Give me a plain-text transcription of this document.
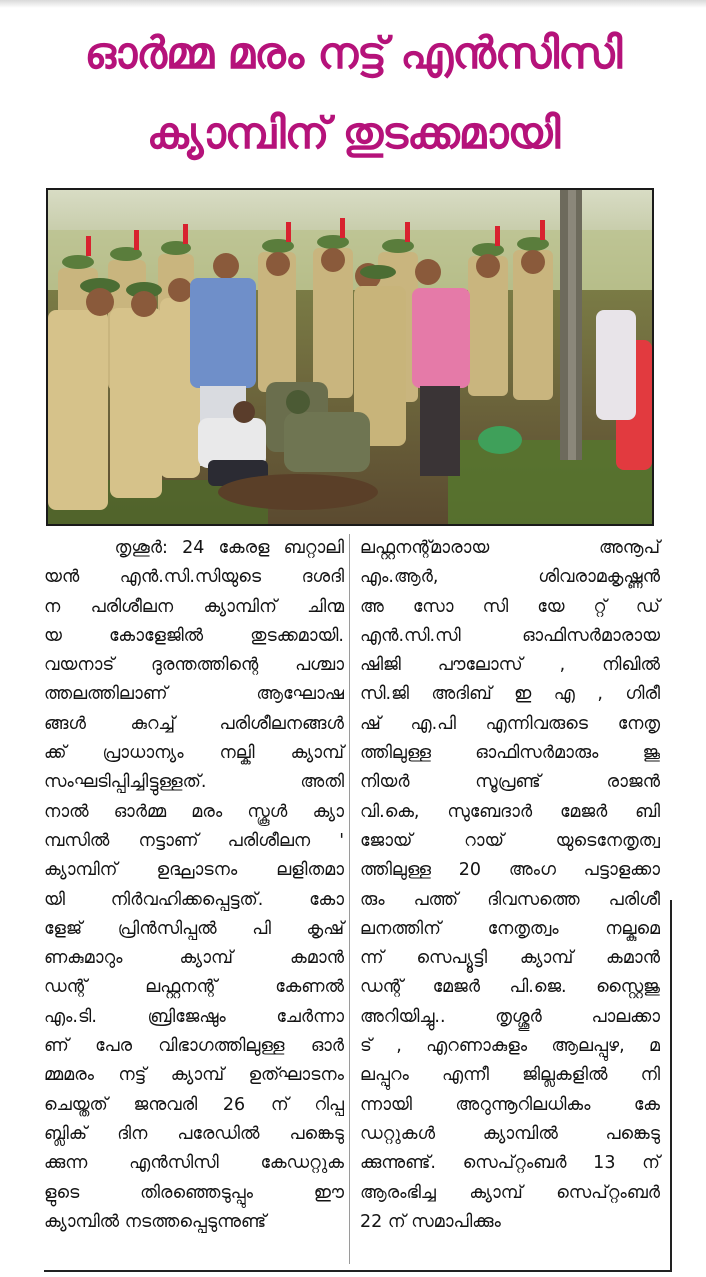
ഓർമ്മ മരം നട്ട് എൻസിസി
ക്യാമ്പിന് തുടക്കമായി
തൃശൂർ: 24 കേരള ബറ്റാലി
യൻ എൻ.സി.സിയുടെ ദശദി
ന പരിശീലന ക്യാമ്പിന് ചിന്മ
യ കോളേജിൽ തുടക്കമായി.
വയനാട് ദുരന്തത്തിന്റെ പശ്ചാ
ത്തലത്തിലാണ് ആഘോഷ
ങ്ങൾ കുറച്ച് പരിശീലനങ്ങൾ
ക്ക് പ്രാധാന്യം നല്കി ക്യാമ്പ്
സംഘടിപ്പിച്ചിട്ടുള്ളത്. അതി
നാൽ ഓർമ്മ മരം സ്കൂൾ ക്യാ
മ്പസിൽ നട്ടാണ് പരിശീലന '
ക്യാമ്പിന് ഉദ്ഘാടനം ലളിതമാ
യി നിർവഹിക്കപ്പെട്ടത്. കോ
ളേജ് പ്രിൻസിപ്പൽ പി കൃഷ്
ണകുമാറും ക്യാമ്പ് കമാൻ
ഡന്റ് ലഫ്റ്റനന്റ് കേണൽ
എം.ടി. ബ്രിജേഷും ചേർന്നാ
ണ് പേര വിഭാഗത്തിലുള്ള ഓർ
മ്മമരം നട്ട് ക്യാമ്പ് ഉത്ഘാടനം
ചെയ്തത് ജനുവരി 26 ന് റിപ്പ
ബ്ലിക് ദിന പരേഡിൽ പങ്കെടു
ക്കുന്ന എൻസിസി കേഡറ്റുക
ളുടെ തിരഞ്ഞെടുപ്പും ഈ
ക്യാമ്പിൽ നടത്തപ്പെടുന്നുണ്ട്
ലഫ്റ്റനന്റ്മാരായ അനൂപ്
എം.ആർ, ശിവരാമകൃഷ്ണൻ
അ സോ സി യേ റ്റ് ഡ്
എൻ.സി.സി ഓഫിസർമാരായ
ഷിജി പൗലോസ് , നിഖിൽ
സി.ജി അദിബ് ഇ എ , ഗിരീ
ഷ് എ.പി എന്നിവരുടെ നേതൃ
ത്തിലുള്ള ഓഫിസർമാരും ജൂ
നിയർ സൂപ്രണ്ട് രാജൻ
വി.കെ, സുബേദാർ മേജർ ബി
ജോയ് റായ് യുടെനേതൃത്വ
ത്തിലുള്ള 20 അംഗ പട്ടാളക്കാ
രും പത്ത് ദിവസത്തെ പരിശീ
ലനത്തിന് നേതൃത്വം നല്കുമെ
ന്ന് സെപ്യൂട്ടി ക്യാമ്പ് കമാൻ
ഡന്റ് മേജർ പി.ജെ. സ്റ്റൈജു
അറിയിച്ചു.. തൃശ്ശൂർ പാലക്കാ
ട് , എറണാകുളം ആലപ്പുഴ, മ
ലപ്പുറം എന്നീ ജില്ലകളിൽ നി
ന്നായി അറുന്നൂറിലധികം കേ
ഡറ്റുകൾ ക്യാമ്പിൽ പങ്കെടു
ക്കുന്നുണ്ട്. സെപ്റ്റംബർ 13 ന്
ആരംഭിച്ച ക്യാമ്പ് സെപ്റ്റംബർ
22 ന് സമാപിക്കും
